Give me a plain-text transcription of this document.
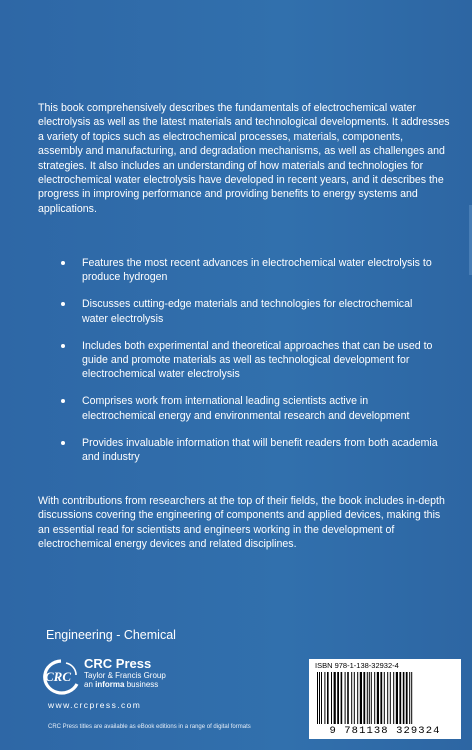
This book comprehensively describes the fundamentals of electrochemical water electrolysis as well as the latest materials and technological developments. It addresses a variety of topics such as electrochemical processes, materials, components, assembly and manufacturing, and degradation mechanisms, as well as challenges and strategies. It also includes an understanding of how materials and technologies for electrochemical water electrolysis have developed in recent years, and it describes the progress in improving performance and providing benefits to energy systems and applications.

Features the most recent advances in electrochemical water electrolysis to produce hydrogen
Discusses cutting-edge materials and technologies for electrochemical water electrolysis
Includes both experimental and theoretical approaches that can be used to guide and promote materials as well as technological development for electrochemical water electrolysis
Comprises work from international leading scientists active in electrochemical energy and environmental research and development
Provides invaluable information that will benefit readers from both academia and industry

With contributions from researchers at the top of their fields, the book includes in-depth discussions covering the engineering of components and applied devices, making this an essential read for scientists and engineers working in the development of electrochemical energy devices and related disciplines.

Engineering - Chemical
CRC
CRC Press
Taylor & Francis Group
an informa business
www.crcpress.com
CRC Press titles are available as eBook editions in a range of digital formats
ISBN 978-1-138-32932-4
9 781138 329324
